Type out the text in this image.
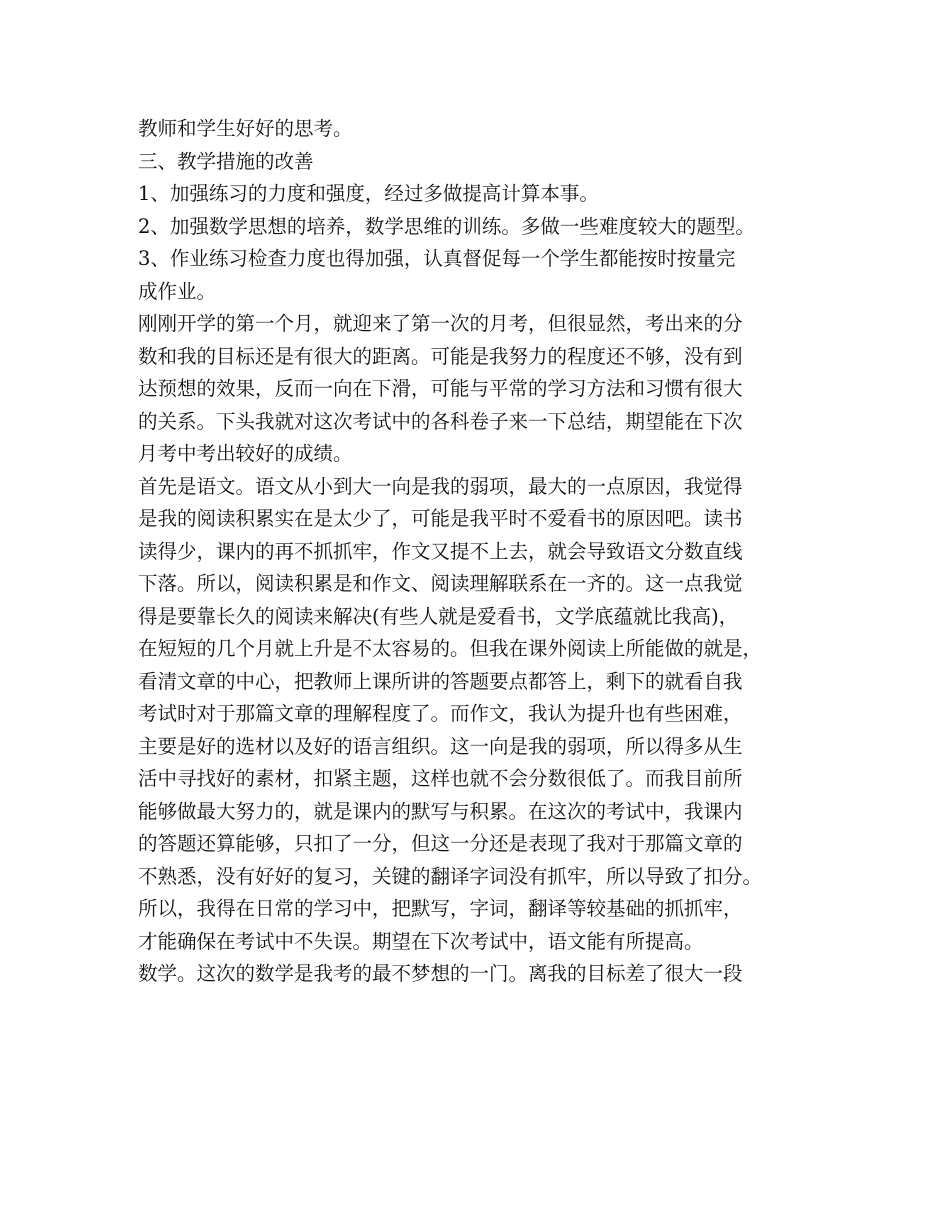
教师和学生好好的思考。
三、教学措施的改善
1、加强练习的力度和强度，经过多做提高计算本事。
2、加强数学思想的培养，数学思维的训练。多做一些难度较大的题型。
3、作业练习检查力度也得加强，认真督促每一个学生都能按时按量完
成作业。
刚刚开学的第一个月，就迎来了第一次的月考，但很显然，考出来的分
数和我的目标还是有很大的距离。可能是我努力的程度还不够，没有到
达预想的效果，反而一向在下滑，可能与平常的学习方法和习惯有很大
的关系。下头我就对这次考试中的各科卷子来一下总结，期望能在下次
月考中考出较好的成绩。
首先是语文。语文从小到大一向是我的弱项，最大的一点原因，我觉得
是我的阅读积累实在是太少了，可能是我平时不爱看书的原因吧。读书
读得少，课内的再不抓抓牢，作文又提不上去，就会导致语文分数直线
下落。所以，阅读积累是和作文、阅读理解联系在一齐的。这一点我觉
得是要靠长久的阅读来解决(有些人就是爱看书，文学底蕴就比我高)，
在短短的几个月就上升是不太容易的。但我在课外阅读上所能做的就是，
看清文章的中心，把教师上课所讲的答题要点都答上，剩下的就看自我
考试时对于那篇文章的理解程度了。而作文，我认为提升也有些困难，
主要是好的选材以及好的语言组织。这一向是我的弱项，所以得多从生
活中寻找好的素材，扣紧主题，这样也就不会分数很低了。而我目前所
能够做最大努力的，就是课内的默写与积累。在这次的考试中，我课内
的答题还算能够，只扣了一分，但这一分还是表现了我对于那篇文章的
不熟悉，没有好好的复习，关键的翻译字词没有抓牢，所以导致了扣分。
所以，我得在日常的学习中，把默写，字词，翻译等较基础的抓抓牢，
才能确保在考试中不失误。期望在下次考试中，语文能有所提高。
数学。这次的数学是我考的最不梦想的一门。离我的目标差了很大一段
